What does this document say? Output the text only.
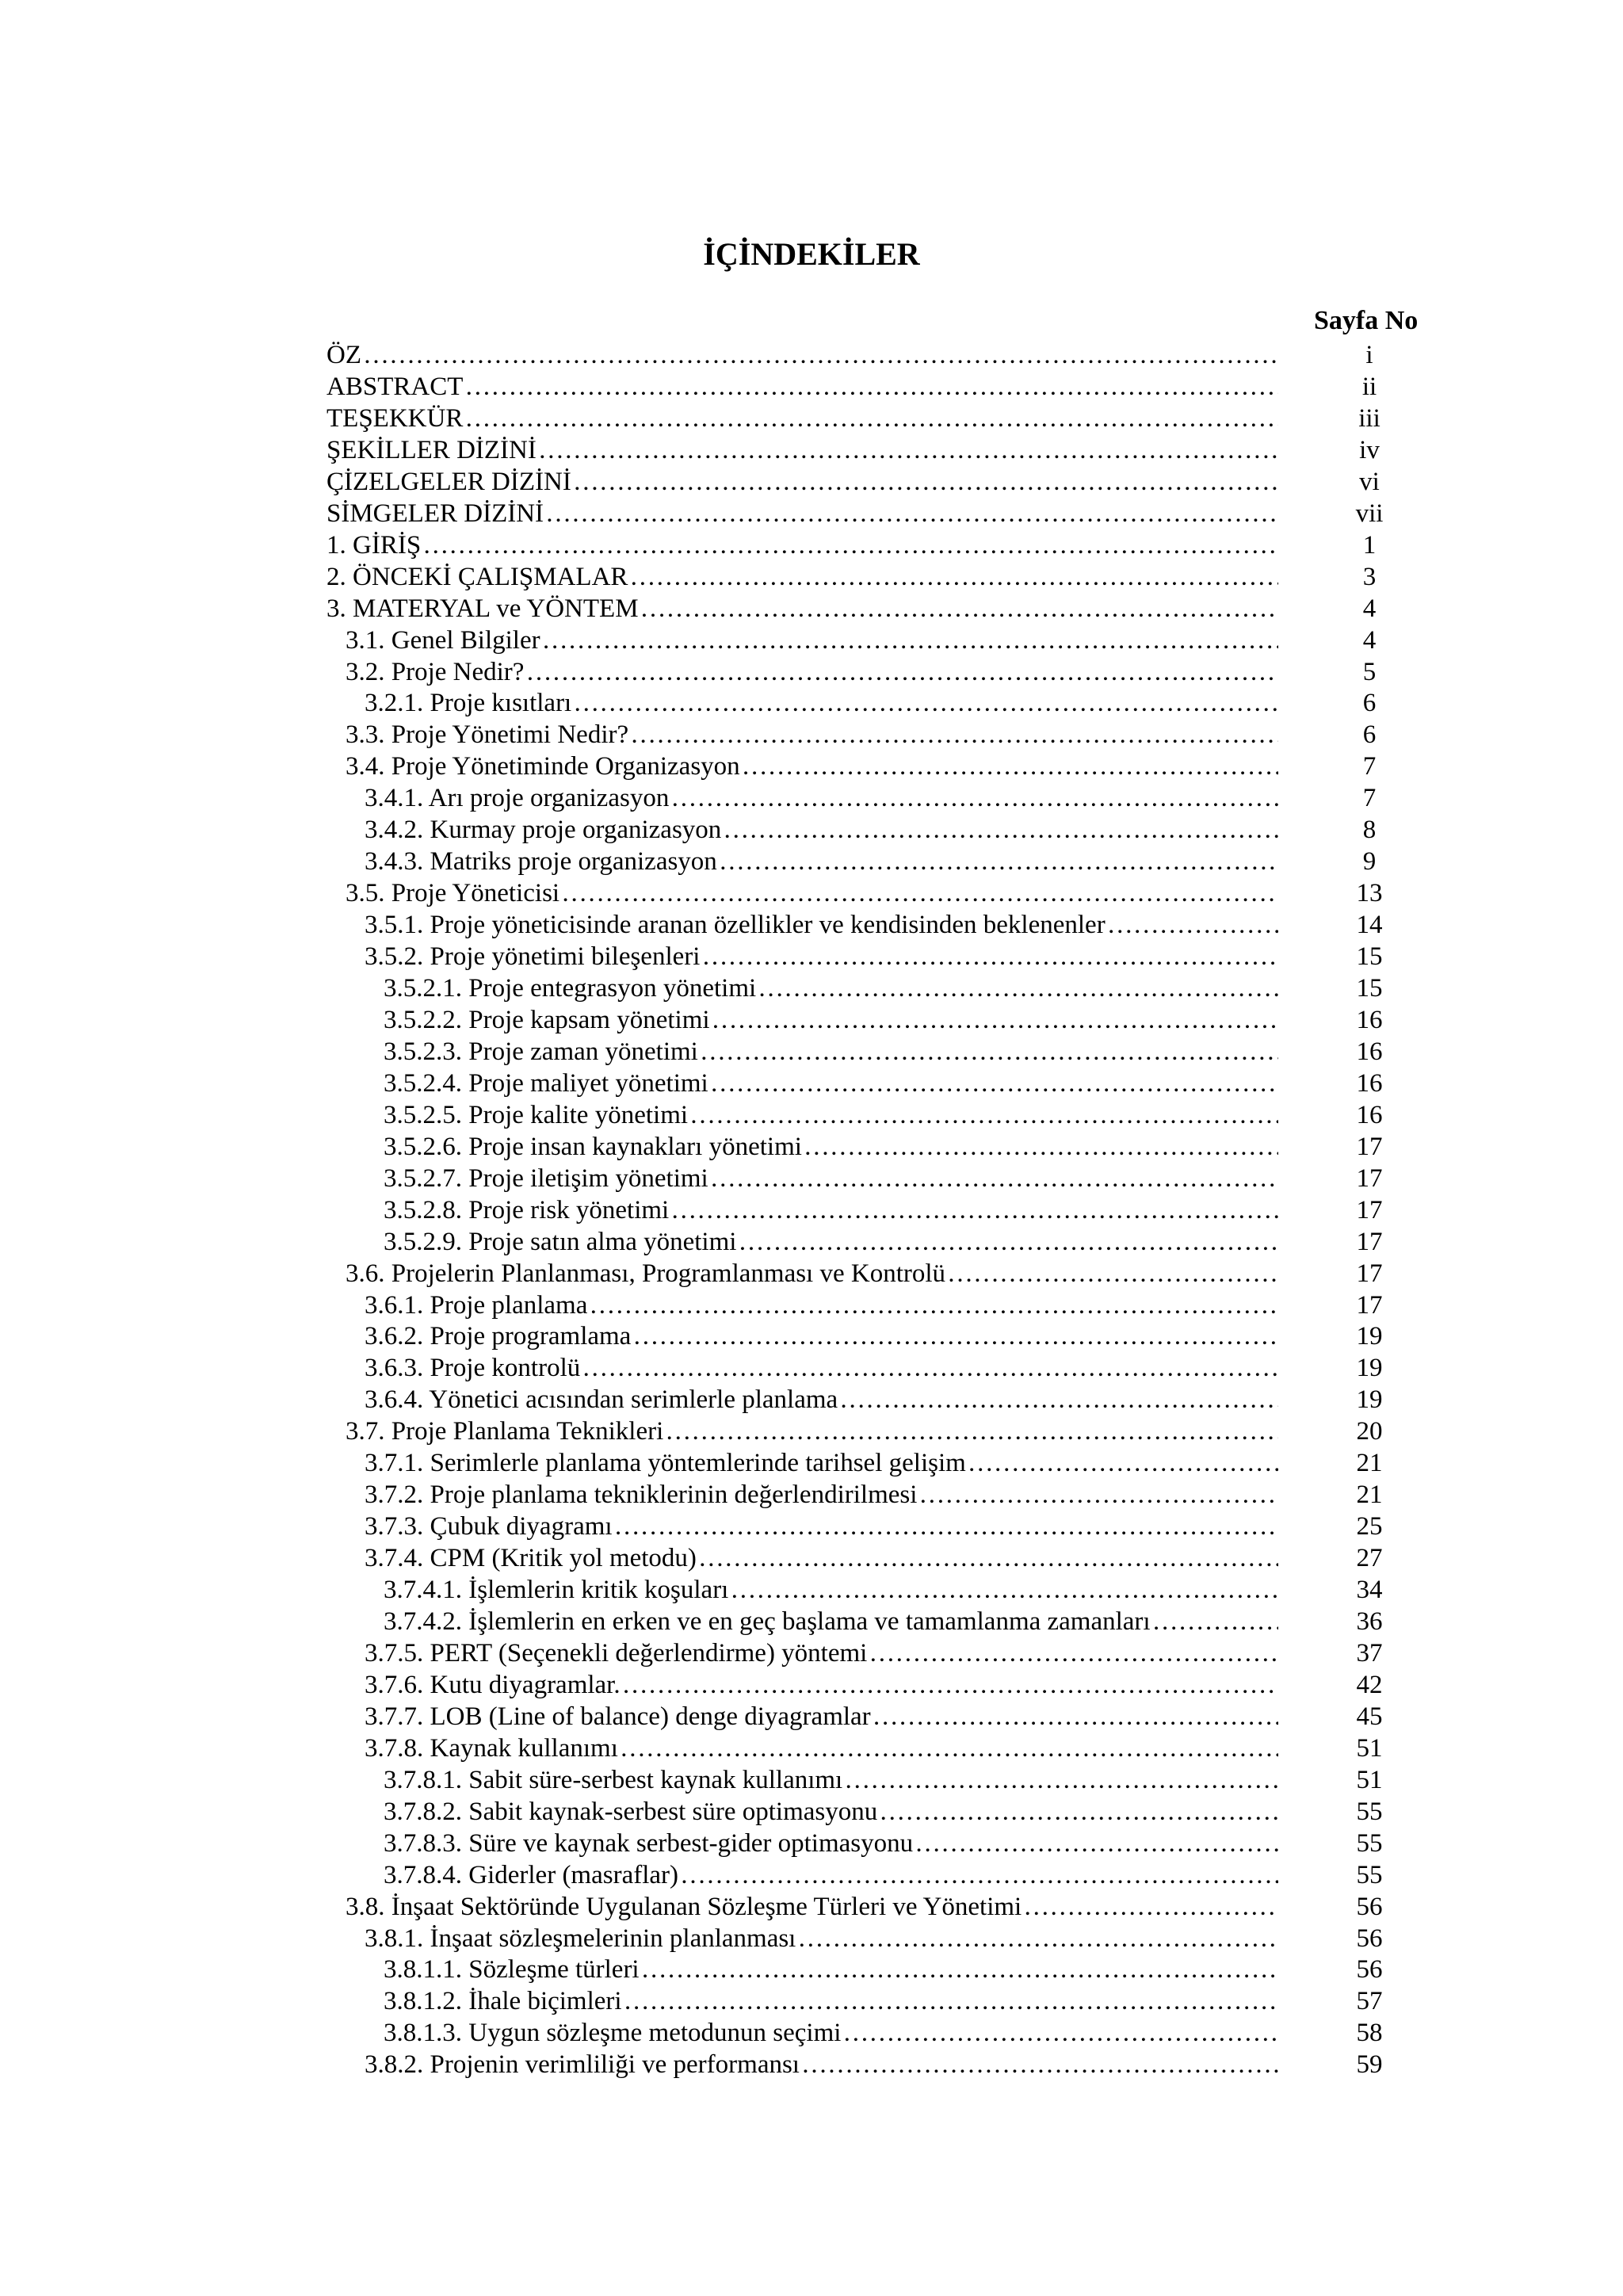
İÇİNDEKİLER
Sayfa No
ÖZ …………………………………………………………………………………………………………………………………………………………………………………………………………	i
ABSTRACT …………………………………………………………………………………………………………………………………………………………………………………………………………	ii
TEŞEKKÜR …………………………………………………………………………………………………………………………………………………………………………………………………………	iii
ŞEKİLLER DİZİNİ …………………………………………………………………………………………………………………………………………………………………………………………………………	iv
ÇİZELGELER DİZİNİ …………………………………………………………………………………………………………………………………………………………………………………………………………	vi
SİMGELER DİZİNİ …………………………………………………………………………………………………………………………………………………………………………………………………………	vii
1. GİRİŞ …………………………………………………………………………………………………………………………………………………………………………………………………………	1
2. ÖNCEKİ ÇALIŞMALAR …………………………………………………………………………………………………………………………………………………………………………………………………………	3
3. MATERYAL ve YÖNTEM …………………………………………………………………………………………………………………………………………………………………………………………………………	4
3.1. Genel Bilgiler …………………………………………………………………………………………………………………………………………………………………………………………………………	4
3.2. Proje Nedir? …………………………………………………………………………………………………………………………………………………………………………………………………………	5
3.2.1. Proje kısıtları …………………………………………………………………………………………………………………………………………………………………………………………………………	6
3.3. Proje Yönetimi Nedir? …………………………………………………………………………………………………………………………………………………………………………………………………………	6
3.4. Proje Yönetiminde Organizasyon …………………………………………………………………………………………………………………………………………………………………………………………………………	7
3.4.1. Arı proje organizasyon …………………………………………………………………………………………………………………………………………………………………………………………………………	7
3.4.2. Kurmay proje organizasyon …………………………………………………………………………………………………………………………………………………………………………………………………………	8
3.4.3. Matriks proje organizasyon …………………………………………………………………………………………………………………………………………………………………………………………………………	9
3.5. Proje Yöneticisi …………………………………………………………………………………………………………………………………………………………………………………………………………	13
3.5.1. Proje yöneticisinde aranan özellikler ve kendisinden beklenenler …………………………………………………………………………………………………………………………………………………………………………………………………………	14
3.5.2. Proje yönetimi bileşenleri …………………………………………………………………………………………………………………………………………………………………………………………………………	15
3.5.2.1. Proje entegrasyon yönetimi …………………………………………………………………………………………………………………………………………………………………………………………………………	15
3.5.2.2. Proje kapsam yönetimi …………………………………………………………………………………………………………………………………………………………………………………………………………	16
3.5.2.3. Proje zaman yönetimi …………………………………………………………………………………………………………………………………………………………………………………………………………	16
3.5.2.4. Proje maliyet yönetimi …………………………………………………………………………………………………………………………………………………………………………………………………………	16
3.5.2.5. Proje kalite yönetimi …………………………………………………………………………………………………………………………………………………………………………………………………………	16
3.5.2.6. Proje insan kaynakları yönetimi …………………………………………………………………………………………………………………………………………………………………………………………………………	17
3.5.2.7. Proje iletişim yönetimi …………………………………………………………………………………………………………………………………………………………………………………………………………	17
3.5.2.8. Proje risk yönetimi …………………………………………………………………………………………………………………………………………………………………………………………………………	17
3.5.2.9. Proje satın alma yönetimi …………………………………………………………………………………………………………………………………………………………………………………………………………	17
3.6. Projelerin Planlanması, Programlanması ve Kontrolü …………………………………………………………………………………………………………………………………………………………………………………………………………	17
3.6.1. Proje planlama …………………………………………………………………………………………………………………………………………………………………………………………………………	17
3.6.2. Proje programlama …………………………………………………………………………………………………………………………………………………………………………………………………………	19
3.6.3. Proje kontrolü …………………………………………………………………………………………………………………………………………………………………………………………………………	19
3.6.4. Yönetici acısından serimlerle planlama …………………………………………………………………………………………………………………………………………………………………………………………………………	19
3.7. Proje Planlama Teknikleri …………………………………………………………………………………………………………………………………………………………………………………………………………	20
3.7.1. Serimlerle planlama yöntemlerinde tarihsel gelişim …………………………………………………………………………………………………………………………………………………………………………………………………………	21
3.7.2. Proje planlama tekniklerinin değerlendirilmesi …………………………………………………………………………………………………………………………………………………………………………………………………………	21
3.7.3. Çubuk diyagramı …………………………………………………………………………………………………………………………………………………………………………………………………………	25
3.7.4. CPM (Kritik yol metodu) …………………………………………………………………………………………………………………………………………………………………………………………………………	27
3.7.4.1. İşlemlerin kritik koşuları …………………………………………………………………………………………………………………………………………………………………………………………………………	34
3.7.4.2. İşlemlerin en erken ve en geç başlama ve tamamlanma zamanları …………………………………………………………………………………………………………………………………………………………………………………………………………	36
3.7.5. PERT (Seçenekli değerlendirme) yöntemi …………………………………………………………………………………………………………………………………………………………………………………………………………	37
3.7.6. Kutu diyagramlar. …………………………………………………………………………………………………………………………………………………………………………………………………………	42
3.7.7. LOB (Line of balance) denge diyagramlar …………………………………………………………………………………………………………………………………………………………………………………………………………	45
3.7.8. Kaynak kullanımı …………………………………………………………………………………………………………………………………………………………………………………………………………	51
3.7.8.1. Sabit süre-serbest kaynak kullanımı …………………………………………………………………………………………………………………………………………………………………………………………………………	51
3.7.8.2. Sabit kaynak-serbest süre optimasyonu …………………………………………………………………………………………………………………………………………………………………………………………………………	55
3.7.8.3. Süre ve kaynak serbest-gider optimasyonu …………………………………………………………………………………………………………………………………………………………………………………………………………	55
3.7.8.4. Giderler (masraflar) …………………………………………………………………………………………………………………………………………………………………………………………………………	55
3.8. İnşaat Sektöründe Uygulanan Sözleşme Türleri ve Yönetimi …………………………………………………………………………………………………………………………………………………………………………………………………………	56
3.8.1. İnşaat sözleşmelerinin planlanması …………………………………………………………………………………………………………………………………………………………………………………………………………	56
3.8.1.1. Sözleşme türleri …………………………………………………………………………………………………………………………………………………………………………………………………………	56
3.8.1.2. İhale biçimleri …………………………………………………………………………………………………………………………………………………………………………………………………………	57
3.8.1.3. Uygun sözleşme metodunun seçimi …………………………………………………………………………………………………………………………………………………………………………………………………………	58
3.8.2. Projenin verimliliği ve performansı …………………………………………………………………………………………………………………………………………………………………………………………………………	59
